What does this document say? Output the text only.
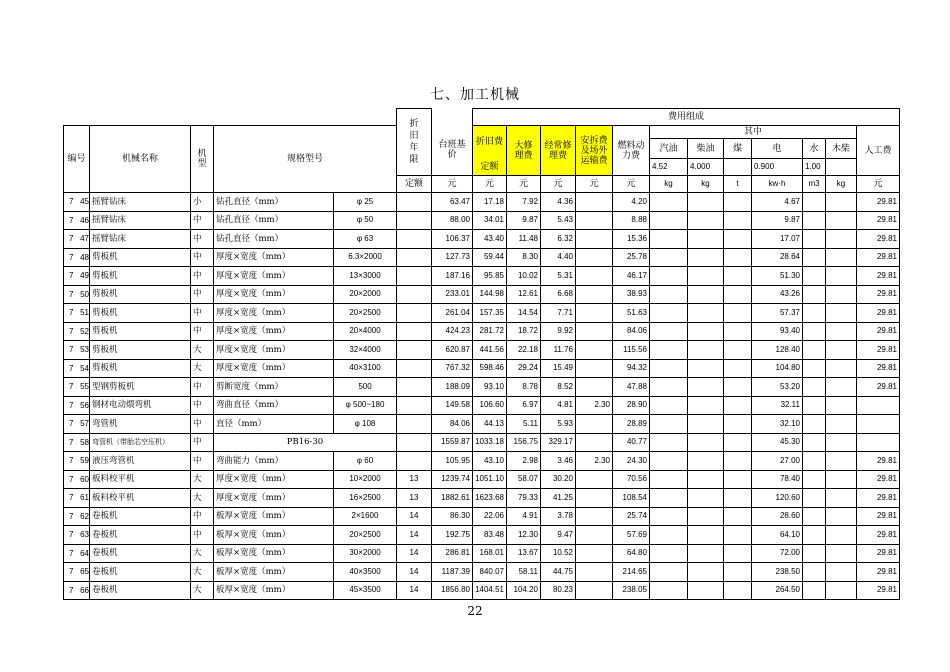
七、加工机械
					折
旧
年
限		费用组成											
编号	机械名称	机
型	规格型号			台班基
价	折旧费	大修
理费	经常修
理费	安拆费
及场外
运输费	燃料动
力费	其中						人工费
												汽油	柴油	煤	电	水	木柴	
							定额					4.52	4.000		0.900	1.00		
					定额	元	元	元	元	元	元	kg	kg	t	kw·h	m3	kg	元

7 45	摇臂钻床	小	钻孔直径（mm）	φ 25		63.47	17.18	7.92	4.36		4.20				4.67			29.81

7 46	摇臂钻床	中	钻孔直径（mm）	φ 50		88.00	34.01	9.87	5.43		8.88				9.87			29.81

7 47	摇臂钻床	中	钻孔直径（mm）	φ 63		106.37	43.40	11.48	6.32		15.36				17.07			29.81

7 48	剪板机	中	厚度×宽度（mm）	6.3×2000		127.73	59.44	8.30	4.40		25.78				28.64			29.81

7 49	剪板机	中	厚度×宽度（mm）	13×3000		187.16	95.85	10.02	5.31		46.17				51.30			29.81

7 50	剪板机	中	厚度×宽度（mm）	20×2000		233.01	144.98	12.61	6.68		38.93				43.26			29.81

7 51	剪板机	中	厚度×宽度（mm）	20×2500		261.04	157.35	14.54	7.71		51.63				57.37			29.81

7 52	剪板机	中	厚度×宽度（mm）	20×4000		424.23	281.72	18.72	9.92		84.06				93.40			29.81

7 53	剪板机	大	厚度×宽度（mm）	32×4000		620.87	441.56	22.18	11.76		115.56				128.40			29.81

7 54	剪板机	大	厚度×宽度（mm）	40×3100		767.32	598.46	29.24	15.49		94.32				104.80			29.81

7 55	型钢剪板机	中	剪断宽度（mm）	500		188.09	93.10	8.78	8.52		47.88				53.20			29.81

7 56	钢材电动煨弯机	中	弯曲直径（mm）	φ 500~180		149.58	106.60	6.97	4.81	2.30	28.90				32.11			

7 57	弯管机	中	直径（mm）	φ 108		84.06	44.13	5.11	5.93		28.89				32.10			

7 58	弯管机（带胎芯空压机）	中	PB16-30			1559.87	1033.18	156.75	329.17		40.77				45.30			

7 59	液压弯管机	中	弯曲能力（mm）	φ 60		105.95	43.10	2.98	3.46	2.30	24.30				27.00			29.81

7 60	板料校平机	大	厚度×宽度（mm）	10×2000	13	1239.74	1051.10	58.07	30.20		70.56				78.40			29.81

7 61	板料校平机	大	厚度×宽度（mm）	16×2500	13	1882.61	1623.68	79.33	41.25		108.54				120.60			29.81

7 62	卷板机	中	板厚×宽度（mm）	2×1600	14	86.30	22.06	4.91	3.78		25.74				28.60			29.81

7 63	卷板机	中	板厚×宽度（mm）	20×2500	14	192.75	83.48	12.30	9.47		57.69				64.10			29.81

7 64	卷板机	大	板厚×宽度（mm）	30×2000	14	286.81	168.01	13.67	10.52		64.80				72.00			29.81

7 65	卷板机	大	板厚×宽度（mm）	40×3500	14	1187.39	840.07	58.11	44.75		214.65				238.50			29.81

7 66	卷板机	大	板厚×宽度（mm）	45×3500	14	1856.80	1404.51	104.20	80.23		238.05				264.50			29.81
22
